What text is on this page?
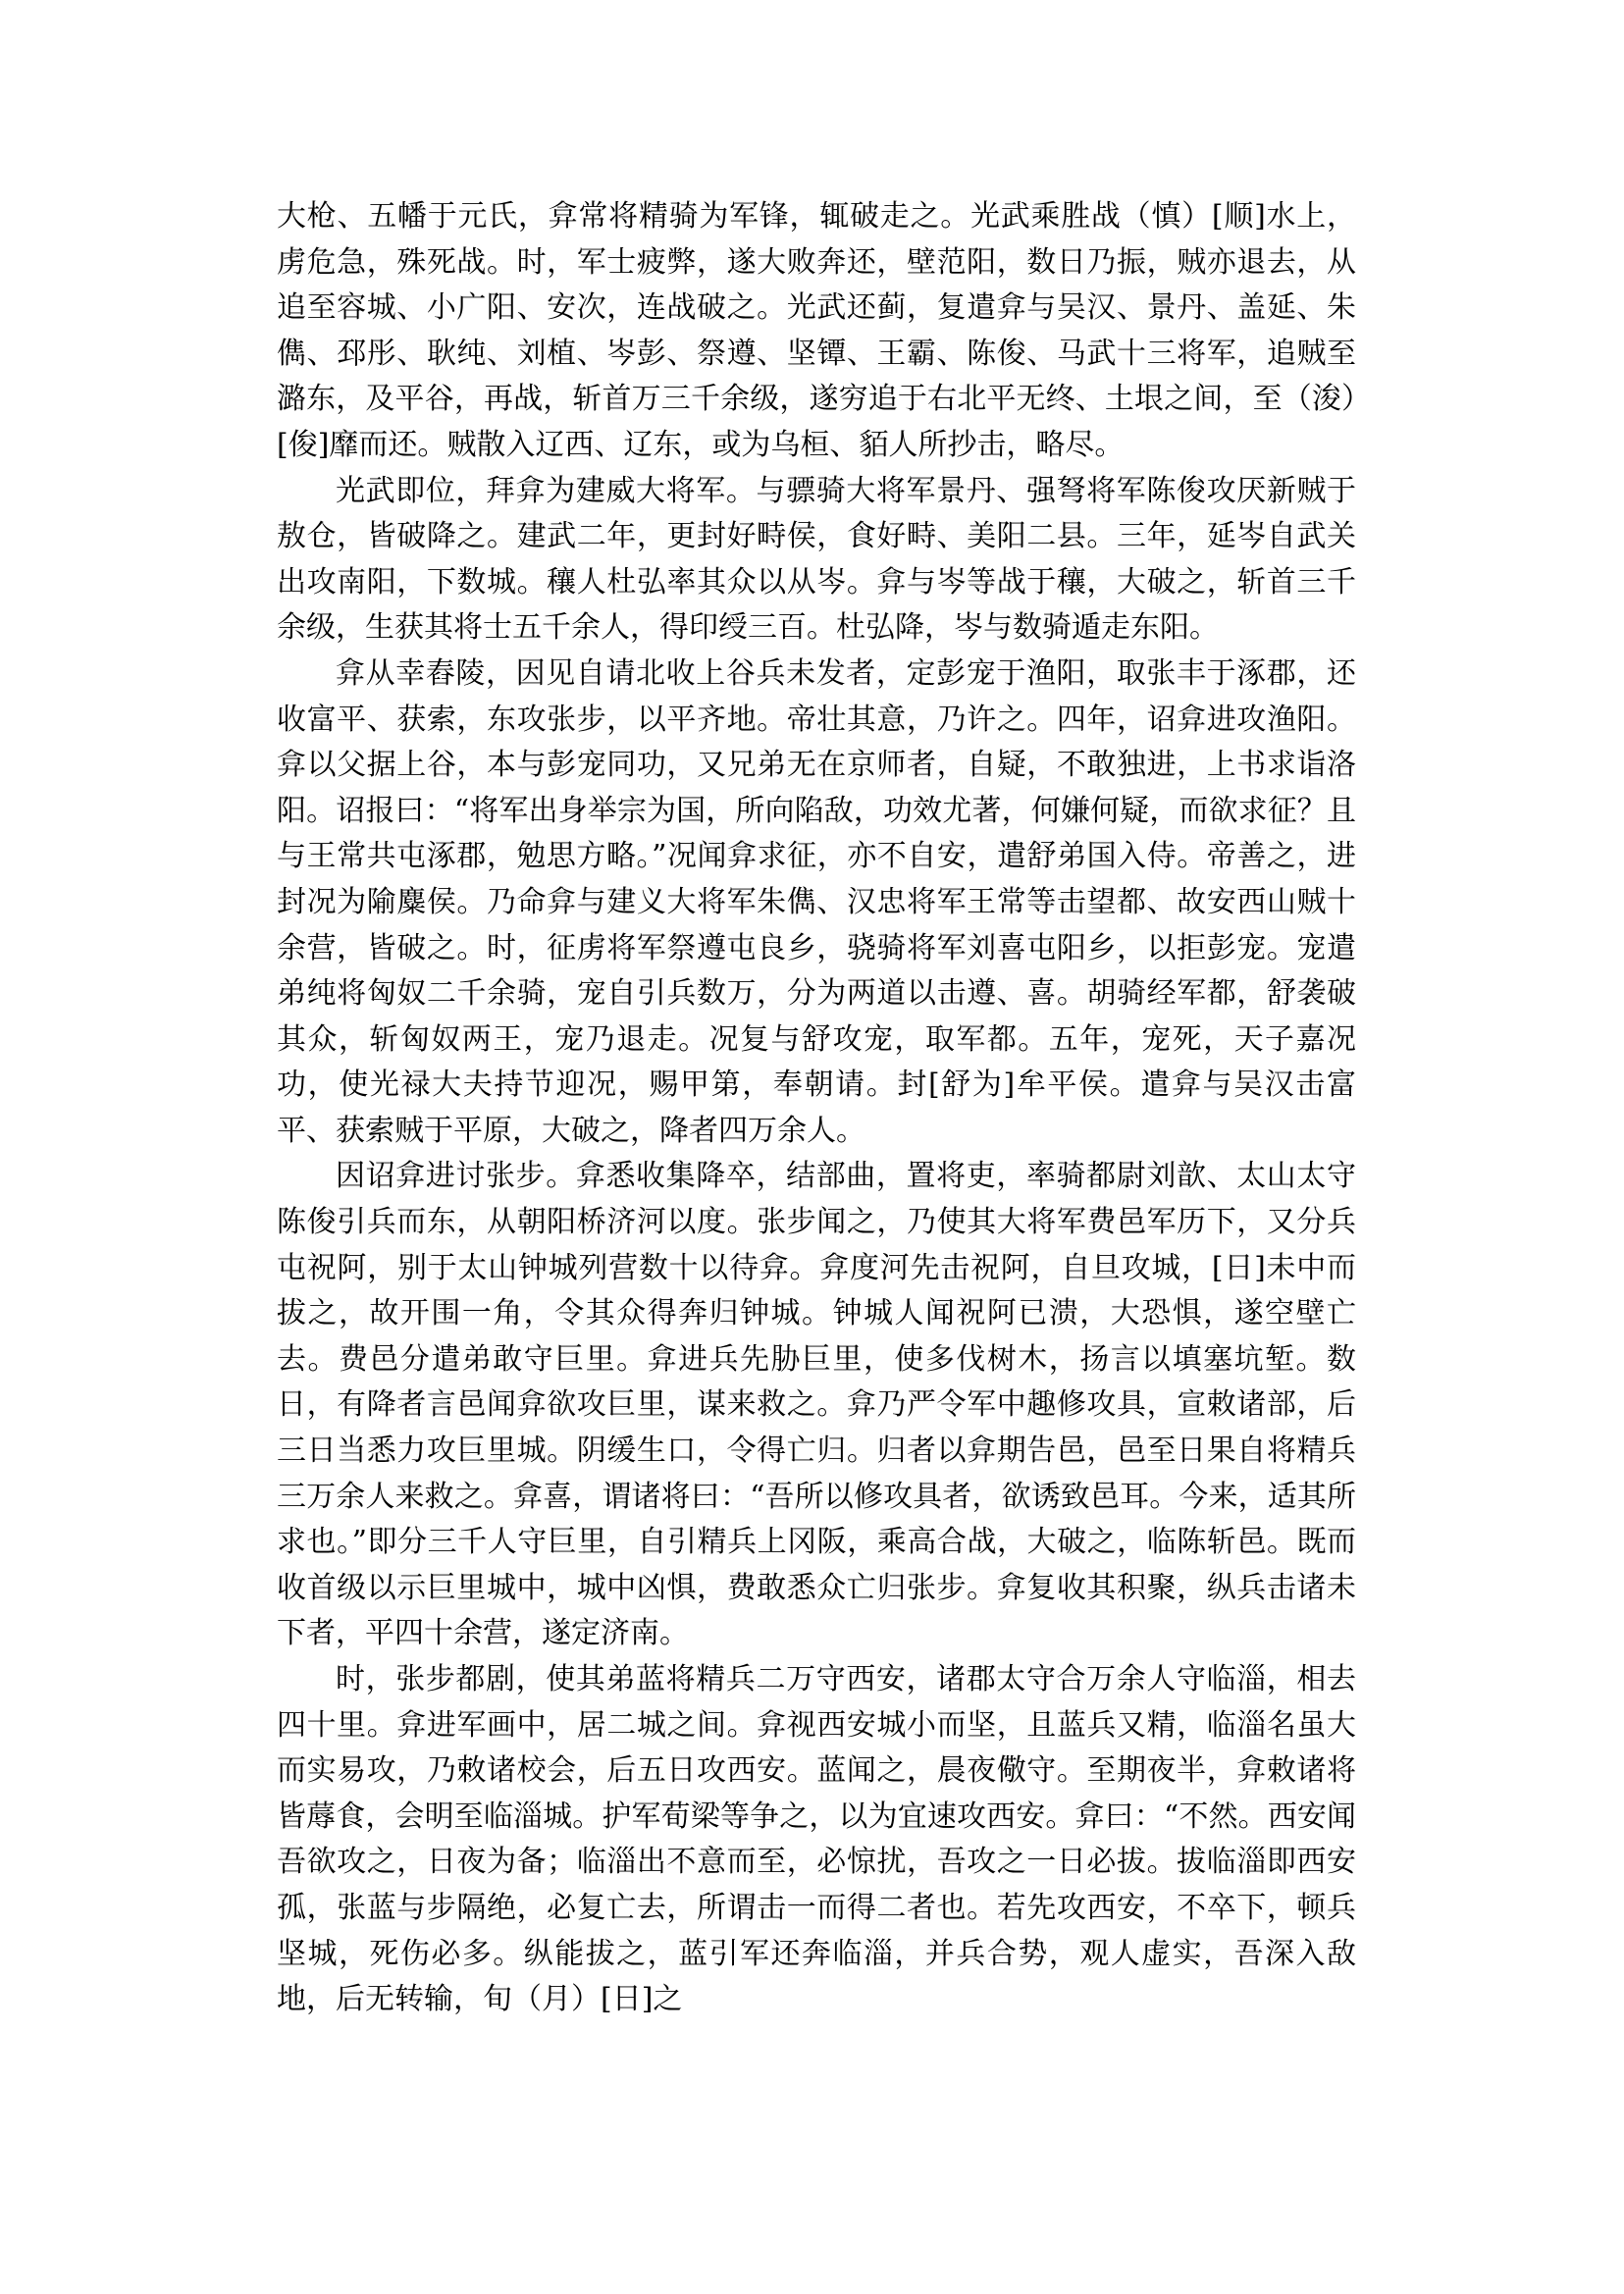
大枪、五幡于元氏，弇常将精骑为军锋，辄破走之。光武乘胜战（慎）[顺]水上，虏危急，殊死战。时，军士疲弊，遂大败奔还，壁范阳，数日乃振，贼亦退去，从追至容城、小广阳、安次，连战破之。光武还蓟，复遣弇与吴汉、景丹、盖延、朱儁、邳彤、耿纯、刘植、岑彭、祭遵、坚镡、王霸、陈俊、马武十三将军，追贼至潞东，及平谷，再战，斩首万三千余级，遂穷追于右北平无终、土垠之间，至（浚）[俊]靡而还。贼散入辽西、辽东，或为乌桓、貊人所抄击，略尽。

光武即位，拜弇为建威大将军。与骠骑大将军景丹、强弩将军陈俊攻厌新贼于敖仓，皆破降之。建武二年，更封好畤侯，食好畤、美阳二县。三年，延岑自武关出攻南阳，下数城。穰人杜弘率其众以从岑。弇与岑等战于穰，大破之，斩首三千余级，生获其将士五千余人，得印绶三百。杜弘降，岑与数骑遁走东阳。

弇从幸舂陵，因见自请北收上谷兵未发者，定彭宠于渔阳，取张丰于涿郡，还收富平、获索，东攻张步，以平齐地。帝壮其意，乃许之。四年，诏弇进攻渔阳。弇以父据上谷，本与彭宠同功，又兄弟无在京师者，自疑，不敢独进，上书求诣洛阳。诏报曰：“将军出身举宗为国，所向陷敌，功效尤著，何嫌何疑，而欲求征？且与王常共屯涿郡，勉思方略。”况闻弇求征，亦不自安，遣舒弟国入侍。帝善之，进封况为隃麋侯。乃命弇与建义大将军朱儁、汉忠将军王常等击望都、故安西山贼十余营，皆破之。时，征虏将军祭遵屯良乡，骁骑将军刘喜屯阳乡，以拒彭宠。宠遣弟纯将匈奴二千余骑，宠自引兵数万，分为两道以击遵、喜。胡骑经军都，舒袭破其众，斩匈奴两王，宠乃退走。况复与舒攻宠，取军都。五年，宠死，天子嘉况功，使光禄大夫持节迎况，赐甲第，奉朝请。封[舒为]牟平侯。遣弇与吴汉击富平、获索贼于平原，大破之，降者四万余人。

因诏弇进讨张步。弇悉收集降卒，结部曲，置将吏，率骑都尉刘歆、太山太守陈俊引兵而东，从朝阳桥济河以度。张步闻之，乃使其大将军费邑军历下，又分兵屯祝阿，别于太山钟城列营数十以待弇。弇度河先击祝阿，自旦攻城，[日]未中而拔之，故开围一角，令其众得奔归钟城。钟城人闻祝阿已溃，大恐惧，遂空壁亡去。费邑分遣弟敢守巨里。弇进兵先胁巨里，使多伐树木，扬言以填塞坑堑。数日，有降者言邑闻弇欲攻巨里，谋来救之。弇乃严令军中趣修攻具，宣敕诸部，后三日当悉力攻巨里城。阴缓生口，令得亡归。归者以弇期告邑，邑至日果自将精兵三万余人来救之。弇喜，谓诸将曰：“吾所以修攻具者，欲诱致邑耳。今来，适其所求也。”即分三千人守巨里，自引精兵上冈阪，乘高合战，大破之，临陈斩邑。既而收首级以示巨里城中，城中凶惧，费敢悉众亡归张步。弇复收其积聚，纵兵击诸未下者，平四十余营，遂定济南。

时，张步都剧，使其弟蓝将精兵二万守西安，诸郡太守合万余人守临淄，相去四十里。弇进军画中，居二城之间。弇视西安城小而坚，且蓝兵又精，临淄名虽大而实易攻，乃敕诸校会，后五日攻西安。蓝闻之，晨夜儆守。至期夜半，弇敕诸将皆蓐食，会明至临淄城。护军荀梁等争之，以为宜速攻西安。弇曰：“不然。西安闻吾欲攻之，日夜为备；临淄出不意而至，必惊扰，吾攻之一日必拔。拔临淄即西安孤，张蓝与步隔绝，必复亡去，所谓击一而得二者也。若先攻西安，不卒下，顿兵坚城，死伤必多。纵能拔之，蓝引军还奔临淄，并兵合势，观人虚实，吾深入敌地，后无转输，旬（月）[日]之
